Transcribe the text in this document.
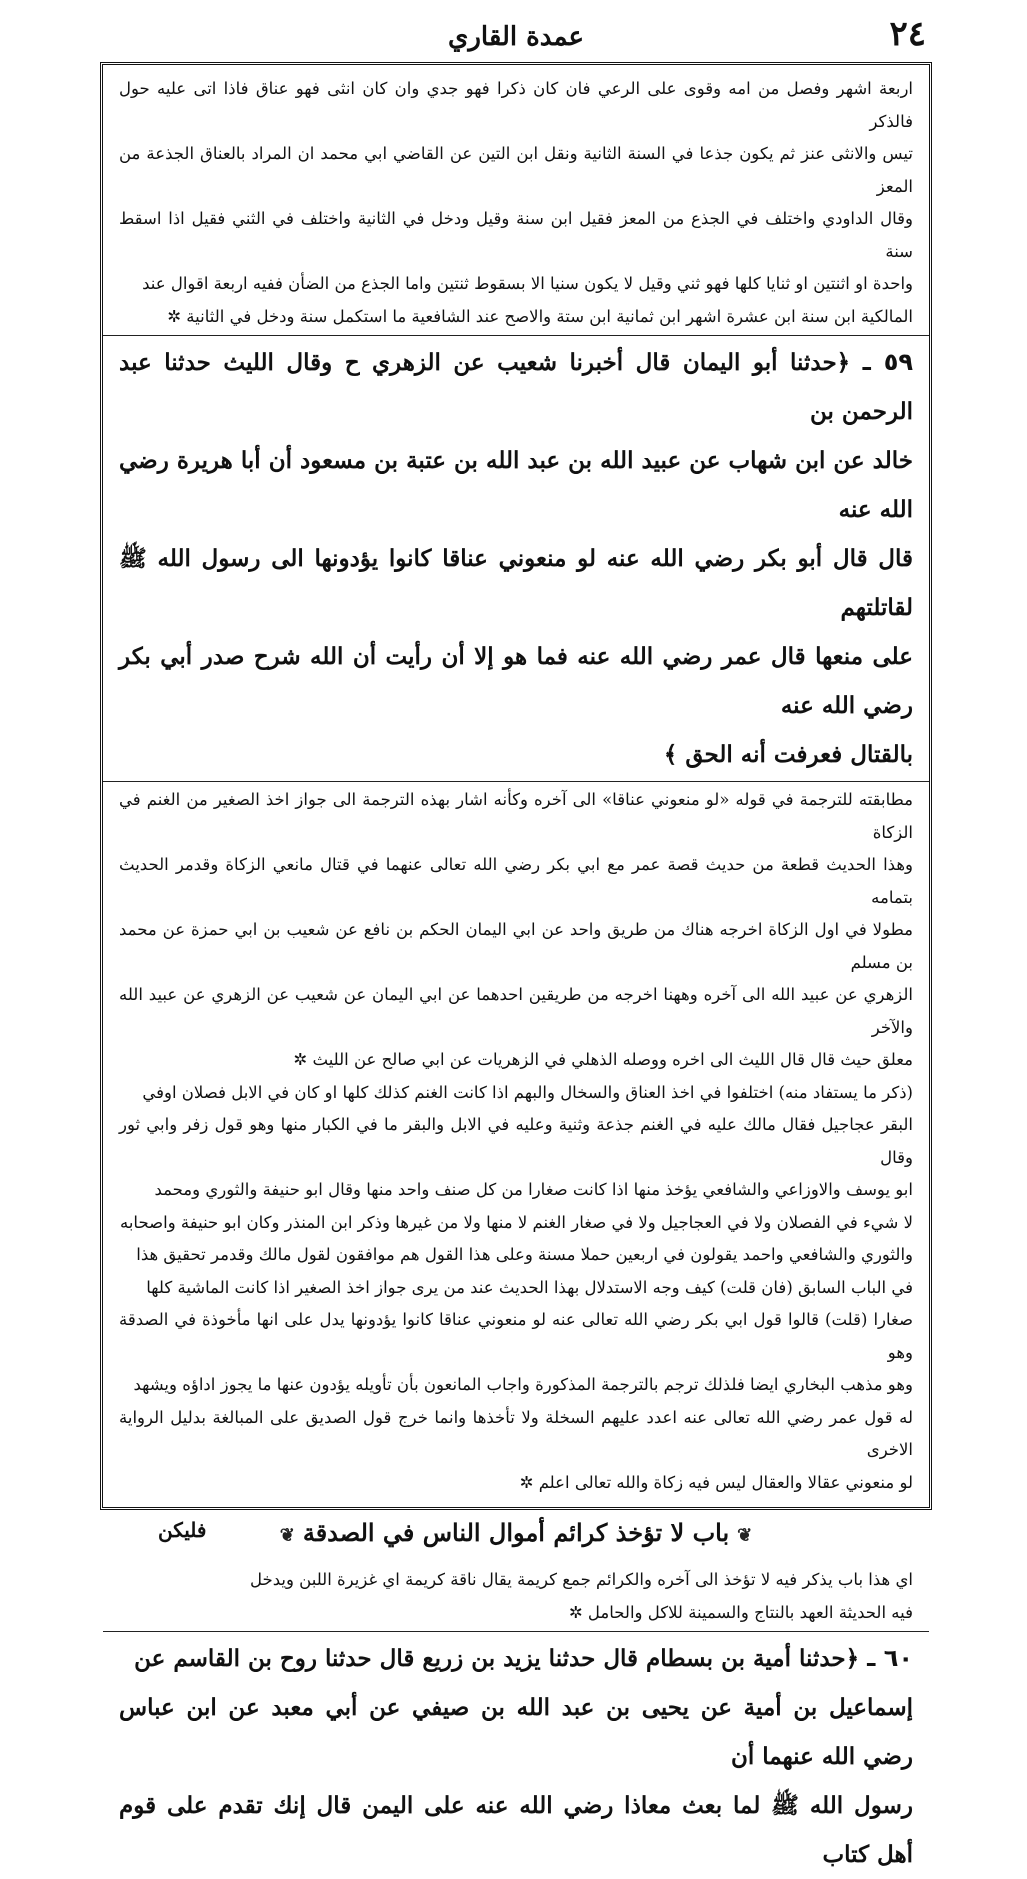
٢٤
عمدة القاري

اربعة اشهر وفصل من امه وقوى على الرعي فان كان ذكرا فهو جدي وان كان انثى فهو عناق فاذا اتى عليه حول فالذكر

تيس والانثى عنز ثم يكون جذعا في السنة الثانية ونقل ابن التين عن القاضي ابي محمد ان المراد بالعناق الجذعة من المعز

وقال الداودي واختلف في الجذع من المعز فقيل ابن سنة وقيل ودخل في الثانية واختلف في الثني فقيل اذا اسقط سنة

واحدة او اثنتين او ثنايا كلها فهو ثني وقيل لا يكون سنيا الا بسقوط ثنتين واما الجذع من الضأن ففيه اربعة اقوال عند

المالكية ابن سنة ابن عشرة اشهر ابن ثمانية ابن ستة والاصح عند الشافعية ما استكمل سنة ودخل في الثانية ✲

٥٩ ـ ﴿حدثنا أبو اليمان قال أخبرنا شعيب عن الزهري ح وقال الليث حدثنا عبد الرحمن بن

خالد عن ابن شهاب عن عبيد الله بن عبد الله بن عتبة بن مسعود أن أبا هريرة رضي الله عنه

قال قال أبو بكر رضي الله عنه لو منعوني عناقا كانوا يؤدونها الى رسول الله ﷺ لقاتلتهم

على منعها قال عمر رضي الله عنه فما هو إلا أن رأيت أن الله شرح صدر أبي بكر رضي الله عنه

بالقتال فعرفت أنه الحق ﴾

مطابقته للترجمة في قوله «لو منعوني عناقا» الى آخره وكأنه اشار بهذه الترجمة الى جواز اخذ الصغير من الغنم في الزكاة

وهذا الحديث قطعة من حديث قصة عمر مع ابي بكر رضي الله تعالى عنهما في قتال مانعي الزكاة وقدمر الحديث بتمامه

مطولا في اول الزكاة اخرجه هناك من طريق واحد عن ابي اليمان الحكم بن نافع عن شعيب بن ابي حمزة عن محمد بن مسلم

الزهري عن عبيد الله الى آخره وههنا اخرجه من طريقين احدهما عن ابي اليمان عن شعيب عن الزهري عن عبيد الله والآخر

معلق حيث قال قال الليث الى اخره ووصله الذهلي في الزهريات عن ابي صالح عن الليث ✲

(ذكر ما يستفاد منه) اختلفوا في اخذ العناق والسخال والبهم اذا كانت الغنم كذلك كلها او كان في الابل فصلان اوفي

البقر عجاجيل فقال مالك عليه في الغنم جذعة وثنية وعليه في الابل والبقر ما في الكبار منها وهو قول زفر وابي ثور وقال

ابو يوسف والاوزاعي والشافعي يؤخذ منها اذا كانت صغارا من كل صنف واحد منها وقال ابو حنيفة والثوري ومحمد

لا شيء في الفصلان ولا في العجاجيل ولا في صغار الغنم لا منها ولا من غيرها وذكر ابن المنذر وكان ابو حنيفة واصحابه

والثوري والشافعي واحمد يقولون في اربعين حملا مسنة وعلى هذا القول هم موافقون لقول مالك وقدمر تحقيق هذا

في الباب السابق (فان قلت) كيف وجه الاستدلال بهذا الحديث عند من يرى جواز اخذ الصغير اذا كانت الماشية كلها

صغارا (قلت) قالوا قول ابي بكر رضي الله تعالى عنه لو منعوني عناقا كانوا يؤدونها يدل على انها مأخوذة في الصدقة وهو

وهو مذهب البخاري ايضا فلذلك ترجم بالترجمة المذكورة واجاب المانعون بأن تأويله يؤدون عنها ما يجوز اداؤه ويشهد

له قول عمر رضي الله تعالى عنه اعدد عليهم السخلة ولا تأخذها وانما خرج قول الصديق على المبالغة بدليل الرواية الاخرى

لو منعوني عقالا والعقال ليس فيه زكاة والله تعالى اعلم ✲

❦باب لا تؤخذ كرائم أموال الناس في الصدقة❦

اي هذا باب يذكر فيه لا تؤخذ الى آخره والكرائم جمع كريمة يقال ناقة كريمة اي غزيرة اللبن ويدخل

فيه الحديثة العهد بالنتاج والسمينة للاكل والحامل ✲

٦٠ ـ ﴿حدثنا أمية بن بسطام قال حدثنا يزيد بن زريع قال حدثنا روح بن القاسم عن

إسماعيل بن أمية عن يحيى بن عبد الله بن صيفي عن أبي معبد عن ابن عباس رضي الله عنهما أن

رسول الله ﷺ لما بعث معاذا رضي الله عنه على اليمن قال إنك تقدم على قوم أهل كتاب

فليكن
